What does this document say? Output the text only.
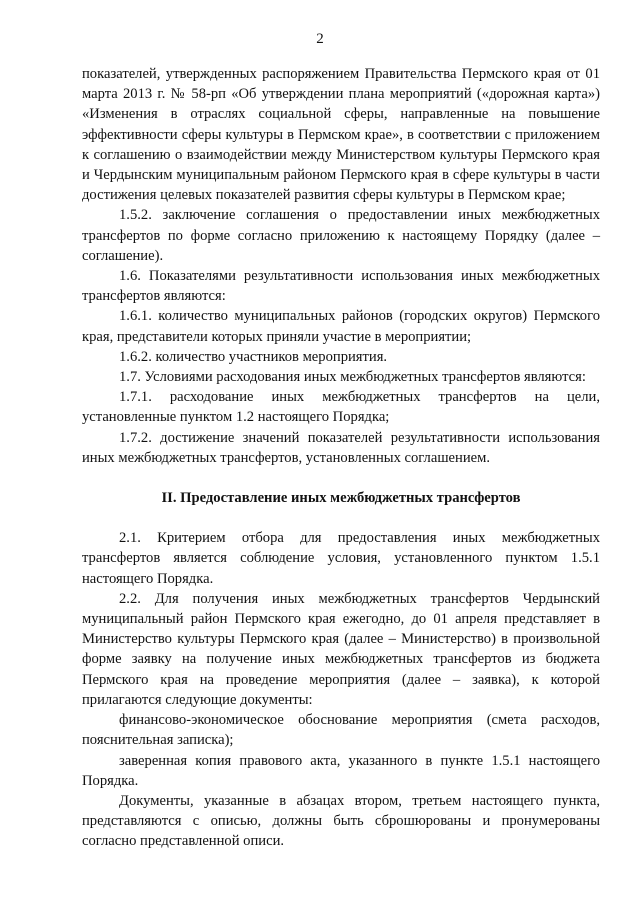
2

показателей, утвержденных распоряжением Правительства Пермского края от 01 марта 2013 г. № 58-рп «Об утверждении плана мероприятий («дорожная карта») «Изменения в отраслях социальной сферы, направленные на повышение эффективности сферы культуры в Пермском крае», в соответствии с приложением к соглашению о взаимодействии между Министерством культуры Пермского края и Чердынским муниципальным районом Пермского края в сфере культуры в части достижения целевых показателей развития сферы культуры в Пермском крае;

1.5.2. заключение соглашения о предоставлении иных межбюджетных трансфертов по форме согласно приложению к настоящему Порядку (далее – соглашение).

1.6. Показателями результативности использования иных межбюджетных трансфертов являются:

1.6.1. количество муниципальных районов (городских округов) Пермского края, представители которых приняли участие в мероприятии;

1.6.2. количество участников мероприятия.

1.7. Условиями расходования иных межбюджетных трансфертов являются:

1.7.1. расходование иных межбюджетных трансфертов на цели, установленные пунктом 1.2 настоящего Порядка;

1.7.2. достижение значений показателей результативности использования иных межбюджетных трансфертов, установленных соглашением.

II. Предоставление иных межбюджетных трансфертов

2.1. Критерием отбора для предоставления иных межбюджетных трансфертов является соблюдение условия, установленного пунктом 1.5.1 настоящего Порядка.

2.2. Для получения иных межбюджетных трансфертов Чердынский муниципальный район Пермского края ежегодно, до 01 апреля представляет в Министерство культуры Пермского края (далее – Министерство) в произвольной форме заявку на получение иных межбюджетных трансфертов из бюджета Пермского края на проведение мероприятия (далее – заявка), к которой прилагаются следующие документы:

финансово-экономическое обоснование мероприятия (смета расходов, пояснительная записка);

заверенная копия правового акта, указанного в пункте 1.5.1 настоящего Порядка.

Документы, указанные в абзацах втором, третьем настоящего пункта, представляются с описью, должны быть сброшюрованы и пронумерованы согласно представленной описи.
